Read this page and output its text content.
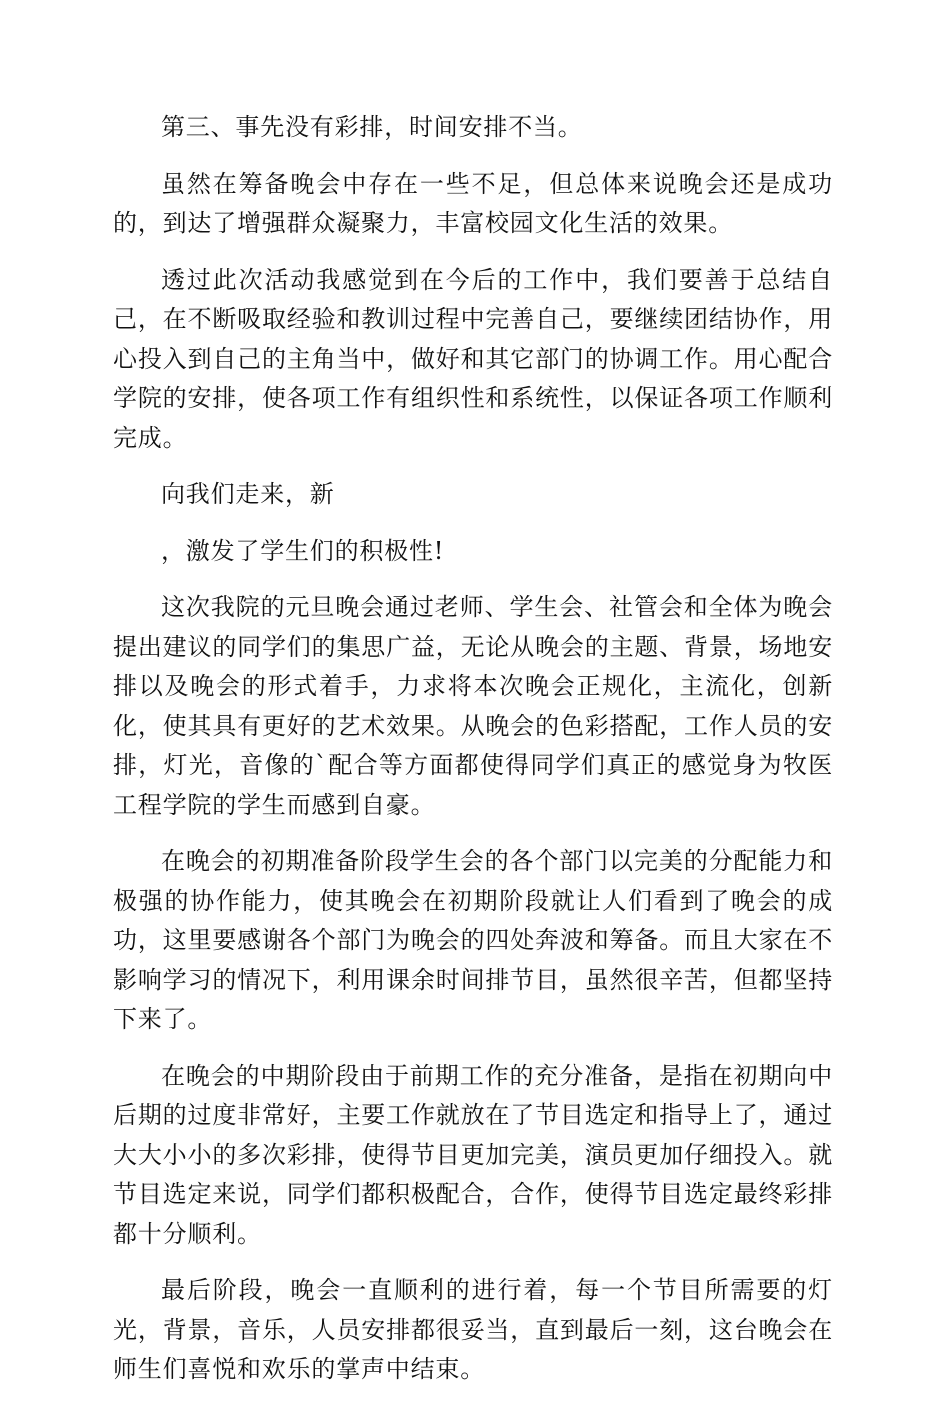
第三、事先没有彩排，时间安排不当。

虽然在筹备晚会中存在一些不足，但总体来说晚会还是成功的，到达了增强群众凝聚力，丰富校园文化生活的效果。

透过此次活动我感觉到在今后的工作中，我们要善于总结自己，在不断吸取经验和教训过程中完善自己，要继续团结协作，用心投入到自己的主角当中，做好和其它部门的协调工作。用心配合学院的安排，使各项工作有组织性和系统性，以保证各项工作顺利完成。

向我们走来，新

，激发了学生们的积极性!

这次我院的元旦晚会通过老师、学生会、社管会和全体为晚会提出建议的同学们的集思广益，无论从晚会的主题、背景，场地安排以及晚会的形式着手，力求将本次晚会正规化，主流化，创新化，使其具有更好的艺术效果。从晚会的色彩搭配，工作人员的安排，灯光，音像的`配合等方面都使得同学们真正的感觉身为牧医工程学院的学生而感到自豪。

在晚会的初期准备阶段学生会的各个部门以完美的分配能力和极强的协作能力，使其晚会在初期阶段就让人们看到了晚会的成功，这里要感谢各个部门为晚会的四处奔波和筹备。而且大家在不影响学习的情况下，利用课余时间排节目，虽然很辛苦，但都坚持下来了。

在晚会的中期阶段由于前期工作的充分准备，是指在初期向中后期的过度非常好，主要工作就放在了节目选定和指导上了，通过大大小小的多次彩排，使得节目更加完美，演员更加仔细投入。就节目选定来说，同学们都积极配合，合作，使得节目选定最终彩排都十分顺利。

最后阶段，晚会一直顺利的进行着，每一个节目所需要的灯光，背景，音乐，人员安排都很妥当，直到最后一刻，这台晚会在师生们喜悦和欢乐的掌声中结束。
